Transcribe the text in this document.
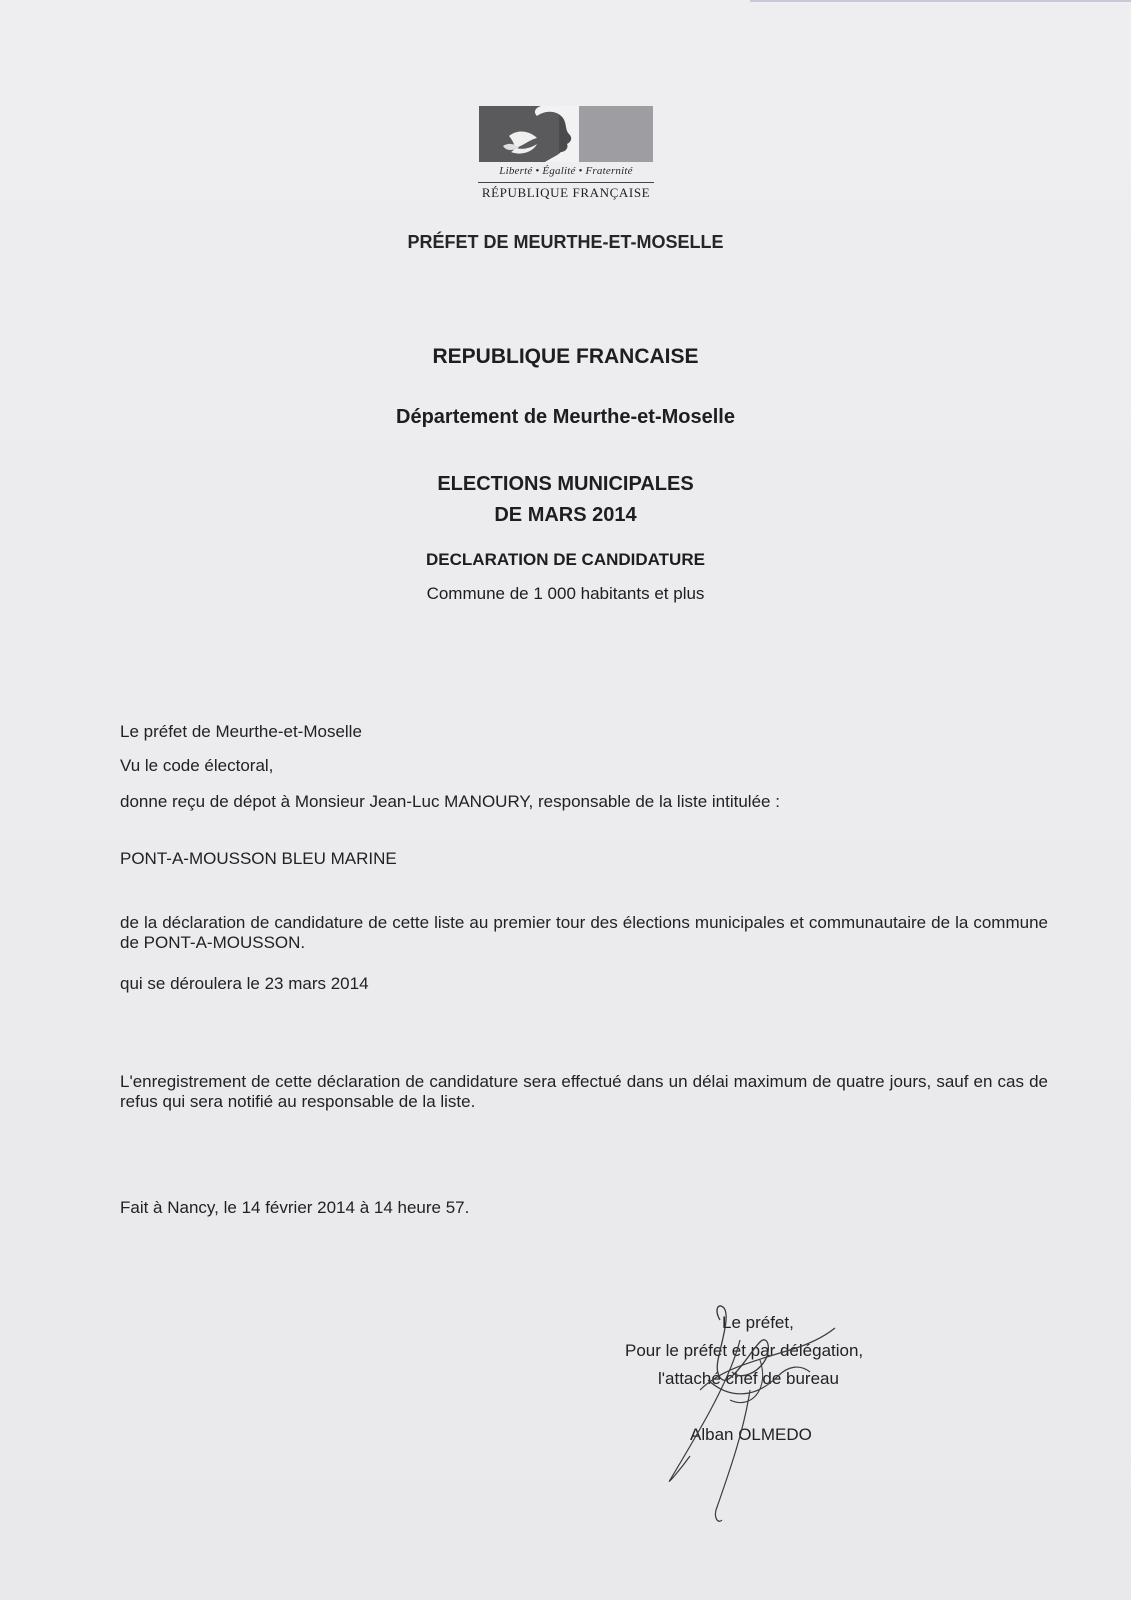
Liberté • Égalité • Fraternité
RÉPUBLIQUE FRANÇAISE
PRÉFET DE MEURTHE-ET-MOSELLE
REPUBLIQUE FRANCAISE
Département de Meurthe-et-Moselle
ELECTIONS MUNICIPALES
DE MARS 2014
DECLARATION DE CANDIDATURE
Commune de 1 000 habitants et plus
Le préfet de Meurthe-et-Moselle
Vu le code électoral,
donne reçu de dépot à Monsieur Jean-Luc MANOURY, responsable de la liste intitulée :
PONT-A-MOUSSON BLEU MARINE
de la déclaration de candidature de cette liste au premier tour des élections municipales et communautaire de la commune de PONT-A-MOUSSON.
qui se déroulera le 23 mars 2014
L'enregistrement de cette déclaration de candidature sera effectué dans un délai maximum de quatre jours, sauf en cas de refus qui sera notifié au responsable de la liste.
Fait à Nancy, le 14 février 2014 à 14 heure 57.
Le préfet,
Pour le préfet et par délégation,
l'attaché chef de bureau
Alban OLMEDO
